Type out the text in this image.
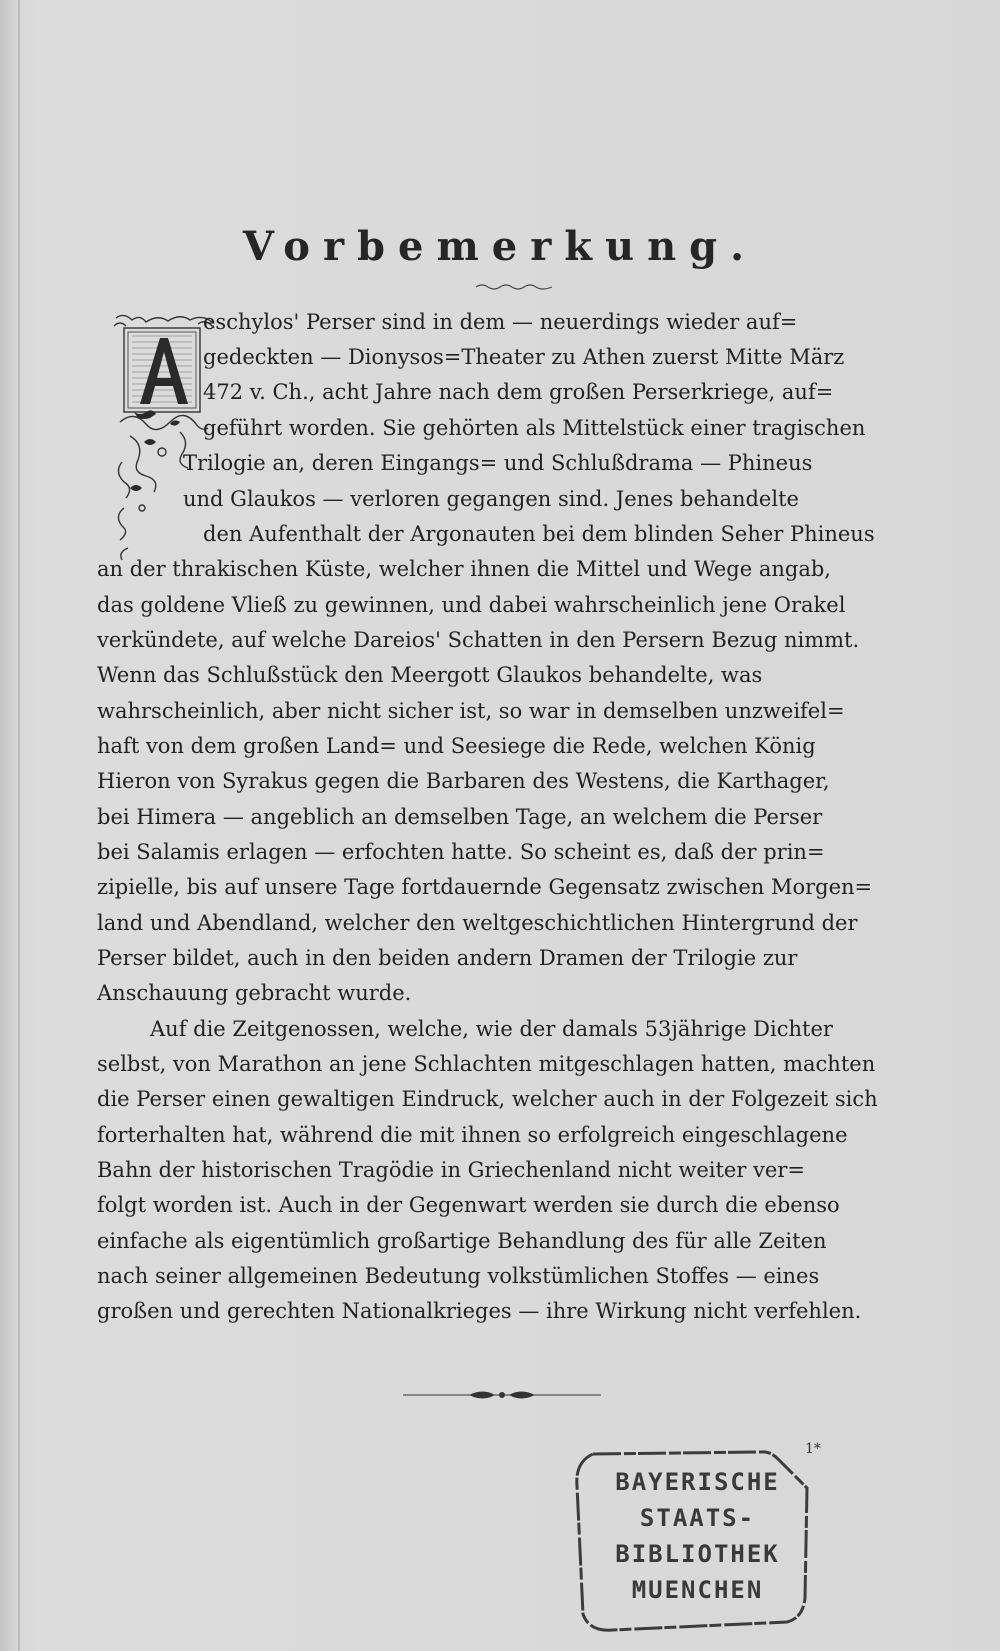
Vorbemerkung.

eschylos' Perser sind in dem — neuerdings wieder auf=

gedeckten — Dionysos=Theater zu Athen zuerst Mitte März

472 v. Ch., acht Jahre nach dem großen Perserkriege, auf=

geführt worden. Sie gehörten als Mittelstück einer tragischen

Trilogie an, deren Eingangs= und Schlußdrama — Phineus

und Glaukos — verloren gegangen sind. Jenes behandelte

den Aufenthalt der Argonauten bei dem blinden Seher Phineus

an der thrakischen Küste, welcher ihnen die Mittel und Wege angab,

das goldene Vließ zu gewinnen, und dabei wahrscheinlich jene Orakel

verkündete, auf welche Dareios' Schatten in den Persern Bezug nimmt.

Wenn das Schlußstück den Meergott Glaukos behandelte, was

wahrscheinlich, aber nicht sicher ist, so war in demselben unzweifel=

haft von dem großen Land= und Seesiege die Rede, welchen König

Hieron von Syrakus gegen die Barbaren des Westens, die Karthager,

bei Himera — angeblich an demselben Tage, an welchem die Perser

bei Salamis erlagen — erfochten hatte. So scheint es, daß der prin=

zipielle, bis auf unsere Tage fortdauernde Gegensatz zwischen Morgen=

land und Abendland, welcher den weltgeschichtlichen Hintergrund der

Perser bildet, auch in den beiden andern Dramen der Trilogie zur

Anschauung gebracht wurde.

Auf die Zeitgenossen, welche, wie der damals 53jährige Dichter

selbst, von Marathon an jene Schlachten mitgeschlagen hatten, machten

die Perser einen gewaltigen Eindruck, welcher auch in der Folgezeit sich

forterhalten hat, während die mit ihnen so erfolgreich eingeschlagene

Bahn der historischen Tragödie in Griechenland nicht weiter ver=

folgt worden ist. Auch in der Gegenwart werden sie durch die ebenso

einfache als eigentümlich großartige Behandlung des für alle Zeiten

nach seiner allgemeinen Bedeutung volkstümlichen Stoffes — eines

großen und gerechten Nationalkrieges — ihre Wirkung nicht verfehlen.

1*
BAYERISCHE
STAATS-
BIBLIOTHEK
MUENCHEN
